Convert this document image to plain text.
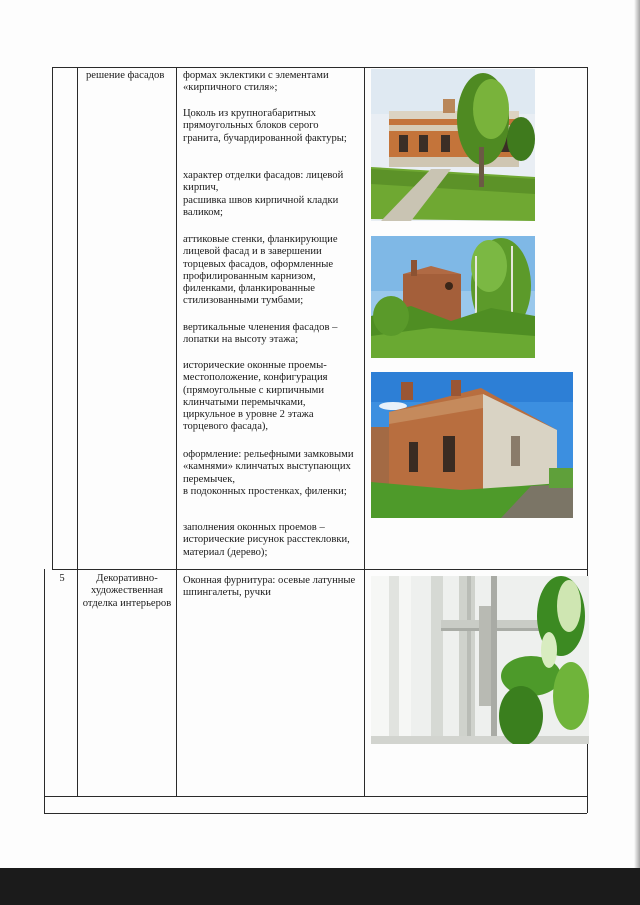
решение фасадов	формах эклектики с элементами «кирпичного стиля»;
Цоколь из крупногабаритных прямоугольных блоков серого гранита, бучардированной фактуры;
характер отделки фасадов: лицевой кирпич,
расшивка швов кирпичной кладки валиком;
аттиковые стенки, фланкирующие лицевой фасад и в завершении торцевых фасадов, оформленные профилированным карнизом, филенками, фланкированные стилизованными тумбами;
вертикальные членения фасадов – лопатки на высоту этажа;
исторические оконные проемы- местоположение, конфигурация (прямоугольные с кирпичными клинчатыми перемычками, циркульное в уровне 2 этажа торцевого фасада),
оформление: рельефными замковыми «камнями» клинчатых выступающих перемычек,
в подоконных простенках, филенки;
заполнения оконных проемов – исторические рисунок расстекловки, материал (дерево);
5	Декоративно-художественная отделка интерьеров
Оконная фурнитура: осевые латунные шпингалеты, ручки
